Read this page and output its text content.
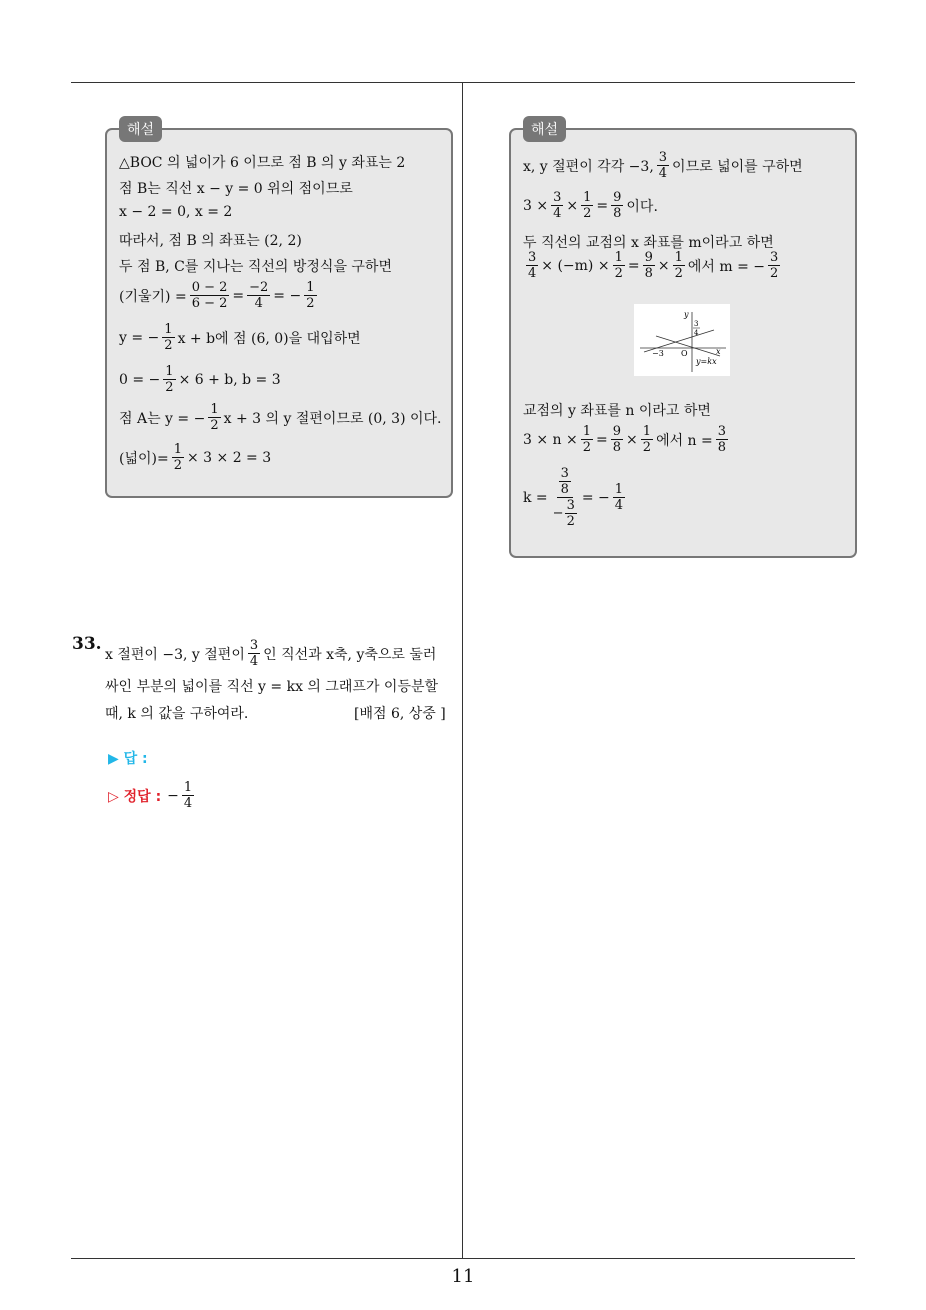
해설
△BOC 의 넓이가 6 이므로 점 B 의 y 좌표는 2
점 B는 직선 x − y = 0 위의 점이므로
x − 2 = 0, x = 2
따라서, 점 B 의 좌표는 (2, 2)
두 점 B, C를 지나는 직선의 방정식을 구하면
(기울기) = $\frac{0 - 2}{6 - 2} = \frac{-2}{4}$ = − $\frac{1}{2}$
y = − $\frac{1}{2}$ x + b에 점 (6, 0)을 대입하면
0 = − $\frac{1}{2} \times 6 + b$, b = 3
점 A는 y = − $\frac{1}{2}$ x + 3 의 y 절편이므로 (0, 3) 이다.
(넓이)= $\frac{1}{2} \times 3 \times 2 = 3$
해설
x, y 절편이 각각 −3,
3
4 이므로 넓이를 구하면
$3 \times \frac{3}{4} \times \frac{1}{2} = \frac{9}{8}$ 이다.
두 직선의 교점의 x 좌표를 m이라고 하면
$\frac{3}{4} \times (-m) \times \frac{1}{2} = \frac{9}{8} \times \frac{1}{2}$ 에서 m = − $\frac{3}{2}$
교점의 y 좌표를 n 이라고 하면
$3 \times n \times \frac{1}{2} = \frac{9}{8} \times \frac{1}{2}$ 에서 $n = \frac{3}{8}$
k = 3
8
− $\frac{3}{2}$ = − $\frac{1}{4}$
y
3
4
−3 O	x
y=kx
33.
x 절편이 −3, y 절편이
3
4 인 직선과 x축, y축으로 둘러
싸인 부분의 넓이를 직선 y = kx 의 그래프가 이등분할
때, k 의 값을 구하여라.	[배점 6, 상중 ]
▶ 답 :
▷ 정답 : − $\frac{1}{4}$
11
